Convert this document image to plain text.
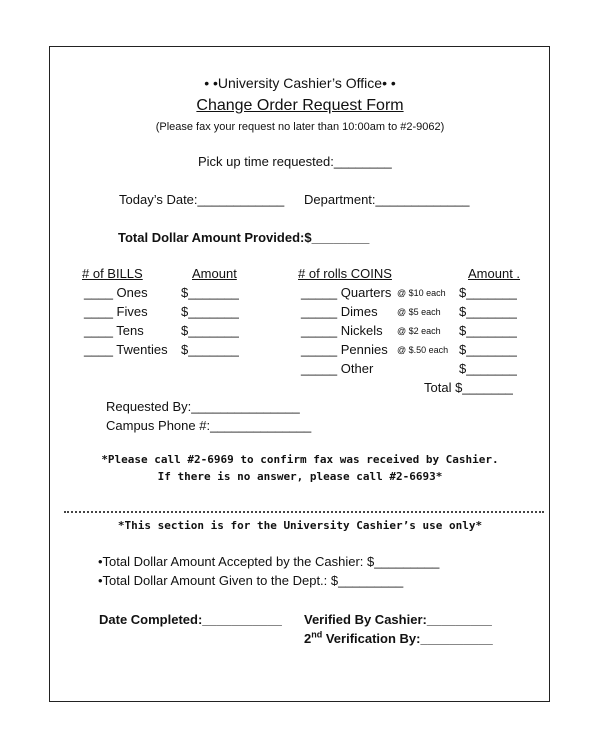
• •University Cashier’s Office• •
Change Order Request Form
(Please fax your request no later than 10:00am to #2-9062)
Pick up time requested:________
Today’s Date:____________ Department:_____________
Total Dollar Amount Provided:$________
# of BILLS	Amount
____ Ones	$_______
____ Fives	$_______
____ Tens	$_______
____ Twenties $_______
# of rolls COINS	Amount .
_____ Quarters @ $10 each $_______
_____ Dimes @ $5 each $_______
_____ Nickels @ $2 each $_______
_____ Pennies @ $.50 each $_______
_____ Other	$_______
Total $_______
Requested By:_______________
Campus Phone #:______________
*Please call #2-6969 to confirm fax was received by Cashier.
If there is no answer, please call #2-6693*
*This section is for the University Cashier’s use only*
•Total Dollar Amount Accepted by the Cashier: $_________
•Total Dollar Amount Given to the Dept.: $_________
Date Completed:___________ Verified By Cashier:_________
2nd Verification By:__________
